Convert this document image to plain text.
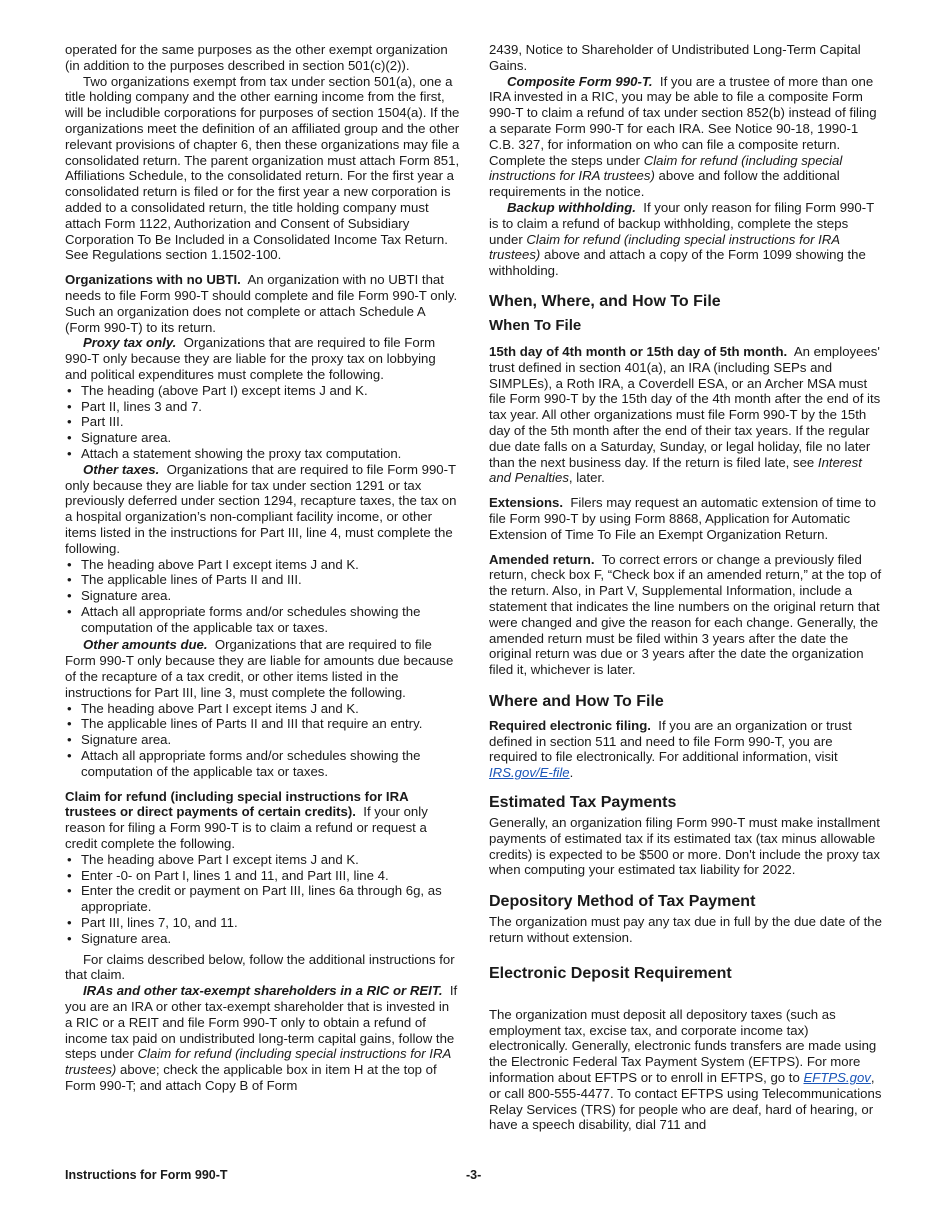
operated for the same purposes as the other exempt organization (in addition to the purposes described in section 501(c)(2)).

Two organizations exempt from tax under section 501(a), one a title holding company and the other earning income from the first, will be includible corporations for purposes of section 1504(a). If the organizations meet the definition of an affiliated group and the other relevant provisions of chapter 6, then these organizations may file a consolidated return. The parent organization must attach Form 851, Affiliations Schedule, to the consolidated return. For the first year a consolidated return is filed or for the first year a new corporation is added to a consolidated return, the title holding company must attach Form 1122, Authorization and Consent of Subsidiary Corporation To Be Included in a Consolidated Income Tax Return. See Regulations section 1.1502-100.

Organizations with no UBTI. An organization with no UBTI that needs to file Form 990-T should complete and file Form 990-T only. Such an organization does not complete or attach Schedule A (Form 990-T) to its return.

Proxy tax only. Organizations that are required to file Form 990-T only because they are liable for the proxy tax on lobbying and political expenditures must complete the following.

• The heading (above Part I) except items J and K.
• Part II, lines 3 and 7.
• Part III.
• Signature area.
• Attach a statement showing the proxy tax computation.

Other taxes. Organizations that are required to file Form 990-T only because they are liable for tax under section 1291 or tax previously deferred under section 1294, recapture taxes, the tax on a hospital organization’s non-compliant facility income, or other items listed in the instructions for Part III, line 4, must complete the following.

• The heading above Part I except items J and K.
• The applicable lines of Parts II and III.
• Signature area.
• Attach all appropriate forms and/or schedules showing the computation of the applicable tax or taxes.

Other amounts due. Organizations that are required to file Form 990-T only because they are liable for amounts due because of the recapture of a tax credit, or other items listed in the instructions for Part III, line 3, must complete the following.

• The heading above Part I except items J and K.
• The applicable lines of Parts II and III that require an entry.
• Signature area.
• Attach all appropriate forms and/or schedules showing the computation of the applicable tax or taxes.

Claim for refund (including special instructions for IRA trustees or direct payments of certain credits). If your only reason for filing a Form 990-T is to claim a refund or request a credit complete the following.

• The heading above Part I except items J and K.
• Enter -0- on Part I, lines 1 and 11, and Part III, line 4.
• Enter the credit or payment on Part III, lines 6a through 6g, as appropriate.
• Part III, lines 7, 10, and 11.
• Signature area.

For claims described below, follow the additional instructions for that claim.

IRAs and other tax-exempt shareholders in a RIC or REIT. If you are an IRA or other tax-exempt shareholder that is invested in a RIC or a REIT and file Form 990-T only to obtain a refund of income tax paid on undistributed long-term capital gains, follow the steps under Claim for refund (including special instructions for IRA trustees) above; check the applicable box in item H at the top of Form 990-T; and attach Copy B of Form

2439, Notice to Shareholder of Undistributed Long-Term Capital Gains.

Composite Form 990-T. If you are a trustee of more than one IRA invested in a RIC, you may be able to file a composite Form 990-T to claim a refund of tax under section 852(b) instead of filing a separate Form 990-T for each IRA. See Notice 90-18, 1990-1 C.B. 327, for information on who can file a composite return. Complete the steps under Claim for refund (including special instructions for IRA trustees) above and follow the additional requirements in the notice.

Backup withholding. If your only reason for filing Form 990-T is to claim a refund of backup withholding, complete the steps under Claim for refund (including special instructions for IRA trustees) above and attach a copy of the Form 1099 showing the withholding.

When, Where, and How To File
When To File

15th day of 4th month or 15th day of 5th month. An employees' trust defined in section 401(a), an IRA (including SEPs and SIMPLEs), a Roth IRA, a Coverdell ESA, or an Archer MSA must file Form 990-T by the 15th day of the 4th month after the end of its tax year. All other organizations must file Form 990-T by the 15th day of the 5th month after the end of their tax years. If the regular due date falls on a Saturday, Sunday, or legal holiday, file no later than the next business day. If the return is filed late, see Interest and Penalties, later.

Extensions. Filers may request an automatic extension of time to file Form 990-T by using Form 8868, Application for Automatic Extension of Time To File an Exempt Organization Return.

Amended return. To correct errors or change a previously filed return, check box F, “Check box if an amended return,” at the top of the return. Also, in Part V, Supplemental Information, include a statement that indicates the line numbers on the original return that were changed and give the reason for each change. Generally, the amended return must be filed within 3 years after the date the original return was due or 3 years after the date the organization filed it, whichever is later.

Where and How To File

Required electronic filing. If you are an organization or trust defined in section 511 and need to file Form 990-T, you are required to file electronically. For additional information, visit IRS.gov/E-file.

Estimated Tax Payments

Generally, an organization filing Form 990-T must make installment payments of estimated tax if its estimated tax (tax minus allowable credits) is expected to be $500 or more. Don't include the proxy tax when computing your estimated tax liability for 2022.

Depository Method of Tax Payment

The organization must pay any tax due in full by the due date of the return without extension.

Electronic Deposit Requirement

The organization must deposit all depository taxes (such as employment tax, excise tax, and corporate income tax) electronically. Generally, electronic funds transfers are made using the Electronic Federal Tax Payment System (EFTPS). For more information about EFTPS or to enroll in EFTPS, go to EFTPS.gov, or call 800-555-4477. To contact EFTPS using Telecommunications Relay Services (TRS) for people who are deaf, hard of hearing, or have a speech disability, dial 711 and

Instructions for Form 990-T	-3-
